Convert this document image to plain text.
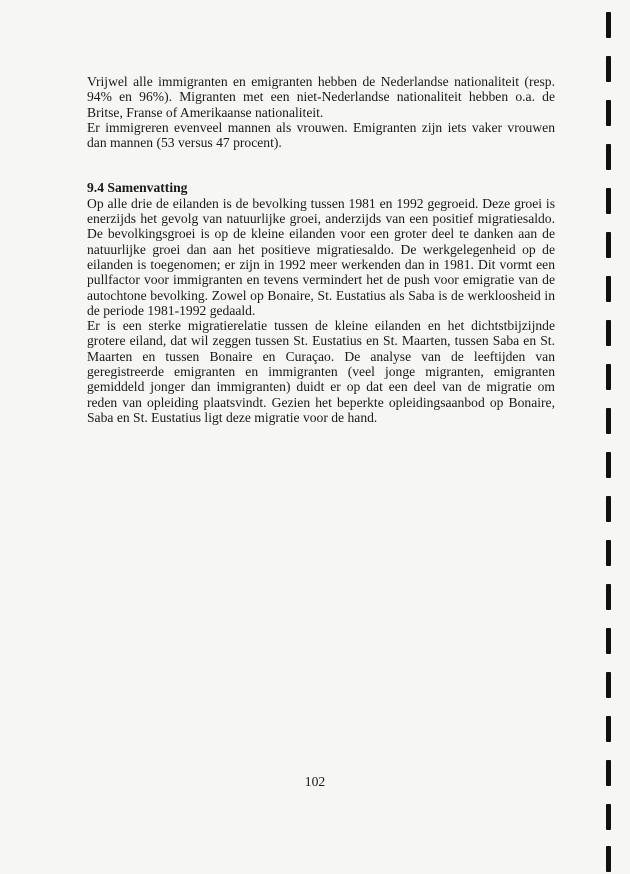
Vrijwel alle immigranten en emigranten hebben de Nederlandse nationaliteit (resp. 94% en 96%). Migranten met een niet-Nederlandse nationaliteit hebben o.a. de Britse, Franse of Amerikaanse nationaliteit.

Er immigreren evenveel mannen als vrouwen. Emigranten zijn iets vaker vrouwen dan mannen (53 versus 47 procent).

9.4 Samenvatting

Op alle drie de eilanden is de bevolking tussen 1981 en 1992 gegroeid. Deze groei is enerzijds het gevolg van natuurlijke groei, anderzijds van een positief migratiesaldo. De bevolkingsgroei is op de kleine eilanden voor een groter deel te danken aan de natuurlijke groei dan aan het positieve migratiesaldo. De werkgelegenheid op de eilanden is toegenomen; er zijn in 1992 meer werkenden dan in 1981. Dit vormt een pullfactor voor immigranten en tevens vermindert het de push voor emigratie van de autochtone bevolking. Zowel op Bonaire, St. Eustatius als Saba is de werkloosheid in de periode 1981-1992 gedaald.

Er is een sterke migratierelatie tussen de kleine eilanden en het dichtstbijzijnde grotere eiland, dat wil zeggen tussen St. Eustatius en St. Maarten, tussen Saba en St. Maarten en tussen Bonaire en Curaçao. De analyse van de leeftijden van geregistreerde emigranten en immigranten (veel jonge migranten, emigranten gemiddeld jonger dan immigranten) duidt er op dat een deel van de migratie om reden van opleiding plaatsvindt. Gezien het beperkte opleidingsaanbod op Bonaire, Saba en St. Eustatius ligt deze migratie voor de hand.

102
